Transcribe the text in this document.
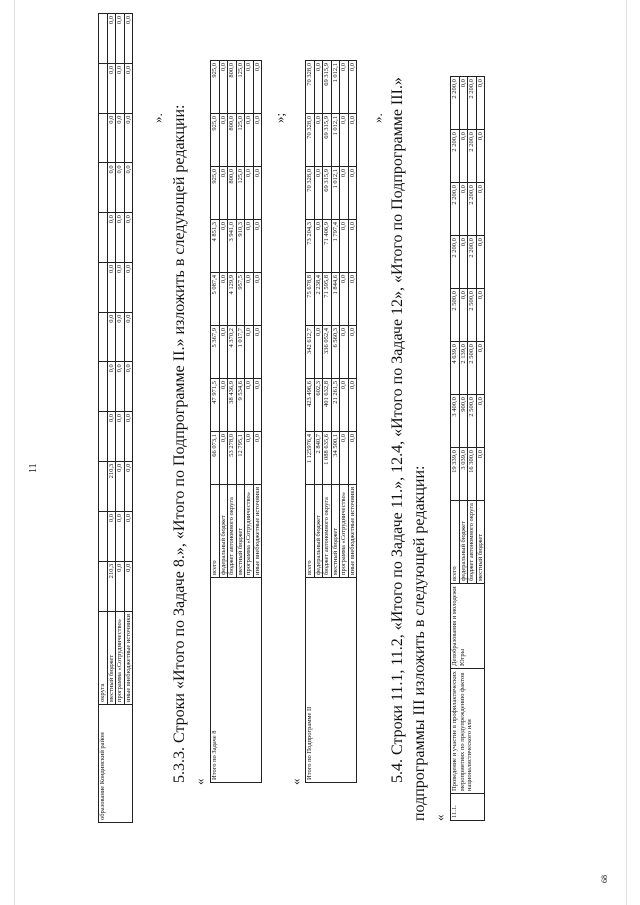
11
68
образование Кондинский район	округа												
	местный бюджет	210,3	0,0	210,3	0,0	0,0	0,0	0,0	0,0	0,0	0,0	0,0	0,0
	программа «Сотрудничество»	0,0	0,0	0,0	0,0	0,0	0,0	0,0	0,0	0,0	0,0	0,0	0,0
	иные внебюджетные источники	0,0	0,0	0,0	0,0	0,0	0,0	0,0	0,0	0,0	0,0	0,0	0,0
». 5.3.3. Строки «Итого по Задаче 8.», «Итого по Подпрограмме II.» изложить в следующей редакции: «
Итого по Задаче 8	всего	66 073,1	47 971,5	5 367,9	5 087,4	4 851,3	925,0	925,0	925,0
	федеральный бюджет	0,0	0,0	0,0	0,0	0,0	0,0	0,0	0,0
	бюджет автономного округа	53 278,0	38 436,9	4 370,2	4 129,9	3 941,0	800,0	800,0	800,0
	местный бюджет	12 795,1	9 534,6	1 017,7	957,5	910,3	125,0	125,0	125,0
	программа «Сотрудничество»	0,0	0,0	0,0	0,0	0,0	0,0	0,0	0,0
	иные внебюджетные источники	0,0	0,0	0,0	0,0	0,0	0,0	0,0	0,0
»;
«
Итого по Подпрограмме II	всего	1 125976,4	423 496,6	342 612,7	75 678,8	73 204,3	70 328,0	70 328,0	70 328,0
	федеральный бюджет	2 840,7	602,3	0,0	2 238,4	0,0	0,0	0,0	0,0
	бюджет автономного округа	1 088 635,6	401 632,8	336 052,4	71 595,8	71 406,9	69 315,9	69 315,9	69 315,9
	местный бюджет	34 500,1	21 261,5	6 560,3	1 844,6	1 797,4	1 012,1	1 012,1	1 012,1
	программа «Сотрудничество»	0,0	0,0	0,0	0,0	0,0	0,0	0,0	0,0
	иные внебюджетные источники	0,0	0,0	0,0	0,0	0,0	0,0	0,0	0,0
». 5.4. Строки 11.1, 11.2, «Итого по Задаче 11.», 12.4, «Итого по Задаче 12», «Итого по Подпрограмме III.» подпрограммы III изложить в следующей редакции: « 11.1.	Проведение и участие в профилактических мероприятиях по предупреждению фактов националистического или	Депобразования и молодежи Югры	всего	19 339,0	3 400,0	4 639,0	2 500,0	2 200,0	2 200,0	2 200,0	2 200,0
			федеральный бюджет	3 039,0	900,0	2 139,0	0,0	0,0	0,0	0,0	0,0
			бюджет автономного округа	16 300,0	2 500,0	2 500,0	2 500,0	2 200,0	2 200,0	2 200,0	2 200,0
			местный бюджет	0,0	0,0	0,0	0,0	0,0	0,0	0,0	0,0
